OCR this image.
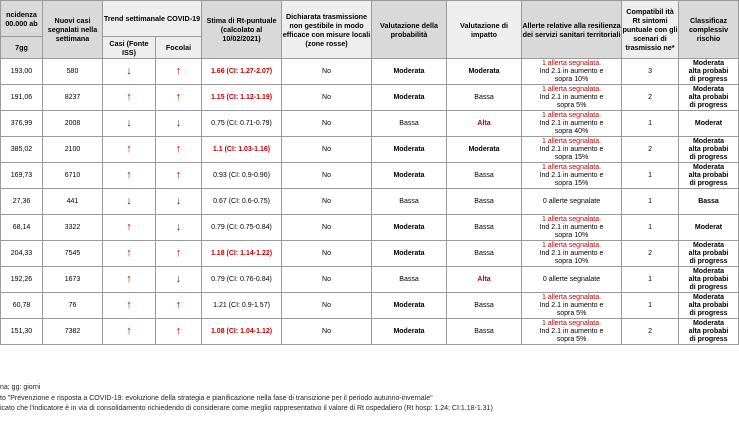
ncidenza
00.000 ab	Nuovi casi segnalati nella settimana	Trend settimanale COVID-19		Stima di Rt-puntuale (calcolato al 10/02/2021)	Dichiarata trasmissione non gestibile in modo efficace con misure locali (zone rosse)	Valutazione della probabilità	Valutazione di impatto	Allerte relative alla resilienza dei servizi sanitari territoriali	Compatibil ità Rt sintomi puntuale con gli scenari di trasmissio ne*	Classificaz complessiv rischio
		Casi (Fonte ISS)	Focolai							
7gg										
193,00	580	↓	↑	1.66 (CI: 1.27-2.07)	No	Moderata	Moderata	1 allerta segnalata.
Ind 2.1 in aumento e
sopra 10%	3	Moderata
alta probabi
di progress
191,06	8237	↑	↑	1.15 (CI: 1.12-1.19)	No	Moderata	Bassa	1 allerta segnalata.
Ind 2.1 in aumento e
sopra 5%	2	Moderata
alta probabi
di progress
376,99	2008	↓	↓	0.75 (CI: 0.71-0.79)	No	Bassa	Alta	1 allerta segnalata.
Ind 2.1 in aumento e
sopra 40%	1	Moderat
385,02	2100	↑	↑	1.1 (CI: 1.03-1.16)	No	Moderata	Moderata	1 allerta segnalata.
Ind 2.1 in aumento e
sopra 15%	2	Moderata
alta probabi
di progress
169,73	6710	↑	↑	0.93 (CI: 0.9-0.96)	No	Moderata	Bassa	1 allerta segnalata.
Ind 2.1 in aumento e
sopra 15%	1	Moderata
alta probabi
di progress
27,36	441	↓	↓	0.67 (CI: 0.6-0.75)	No	Bassa	Bassa	0 allerte segnalate	1	Bassa
68,14	3322	↑	↓	0.79 (CI: 0.75-0.84)	No	Moderata	Bassa	1 allerta segnalata.
Ind 2.1 in aumento e
sopra 10%	1	Moderat
204,33	7545	↑	↑	1.18 (CI: 1.14-1.22)	No	Moderata	Bassa	1 allerta segnalata.
Ind 2.1 in aumento e
sopra 10%	2	Moderata
alta probabi
di progress
192,26	1673	↑	↓	0.79 (CI: 0.76-0.84)	No	Bassa	Alta	0 allerte segnalate	1	Moderata
alta probabi
di progress
60,78	76	↑	↑	1.21 (CI: 0.9-1.57)	No	Moderata	Bassa	1 allerta segnalata.
Ind 2.1 in aumento e
sopra 5%	1	Moderata
alta probabi
di progress
151,30	7382	↑	↑	1.08 (CI: 1.04-1.12)	No	Moderata	Bassa	1 allerta segnalata.
Ind 2.1 in aumento e
sopra 5%	2	Moderata
alta probabi
di progress
na; gg: giorni
to "Prevenzione e risposta a COVID-19: evoluzione della strategia e pianificazione nella fase di transizione per il periodo autunno-invernale"
icato che l'indicatore è in via di consolidamento richiedendo di considerare come meglio rappresentativo il valore di Rt ospedaliero (Rt hosp: 1.24; CI:1.18-1.31)
